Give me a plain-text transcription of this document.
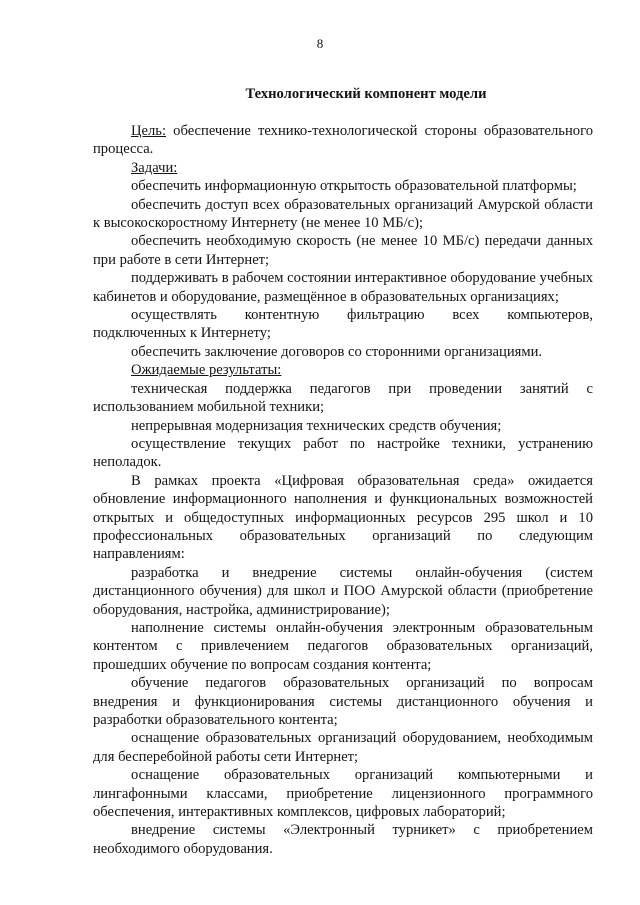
8
Технологический компонент модели

Цель: обеспечение технико-технологической стороны образовательного процесса.

Задачи:

обеспечить информационную открытость образовательной платформы;

обеспечить доступ всех образовательных организаций Амурской области к высокоскоростному Интернету (не менее 10 МБ/с);

обеспечить необходимую скорость (не менее 10 МБ/с) передачи данных при работе в сети Интернет;

поддерживать в рабочем состоянии интерактивное оборудование учебных кабинетов и оборудование, размещённое в образовательных организациях;

осуществлять контентную фильтрацию всех компьютеров, подключенных к Интернету;

обеспечить заключение договоров со сторонними организациями.

Ожидаемые результаты:

техническая поддержка педагогов при проведении занятий с использованием мобильной техники;

непрерывная модернизация технических средств обучения;

осуществление текущих работ по настройке техники, устранению неполадок.

В рамках проекта «Цифровая образовательная среда» ожидается обновление информационного наполнения и функциональных возможностей открытых и общедоступных информационных ресурсов 295 школ и 10 профессиональных образовательных организаций по следующим направлениям:

разработка и внедрение системы онлайн-обучения (систем дистанционного обучения) для школ и ПОО Амурской области (приобретение оборудования, настройка, администрирование);

наполнение системы онлайн-обучения электронным образовательным контентом с привлечением педагогов образовательных организаций, прошедших обучение по вопросам создания контента;

обучение педагогов образовательных организаций по вопросам внедрения и функционирования системы дистанционного обучения и разработки образовательного контента;

оснащение образовательных организаций оборудованием, необходимым для бесперебойной работы сети Интернет;

оснащение образовательных организаций компьютерными и лингафонными классами, приобретение лицензионного программного обеспечения, интерактивных комплексов, цифровых лабораторий;

внедрение системы «Электронный турникет» с приобретением необходимого оборудования.
